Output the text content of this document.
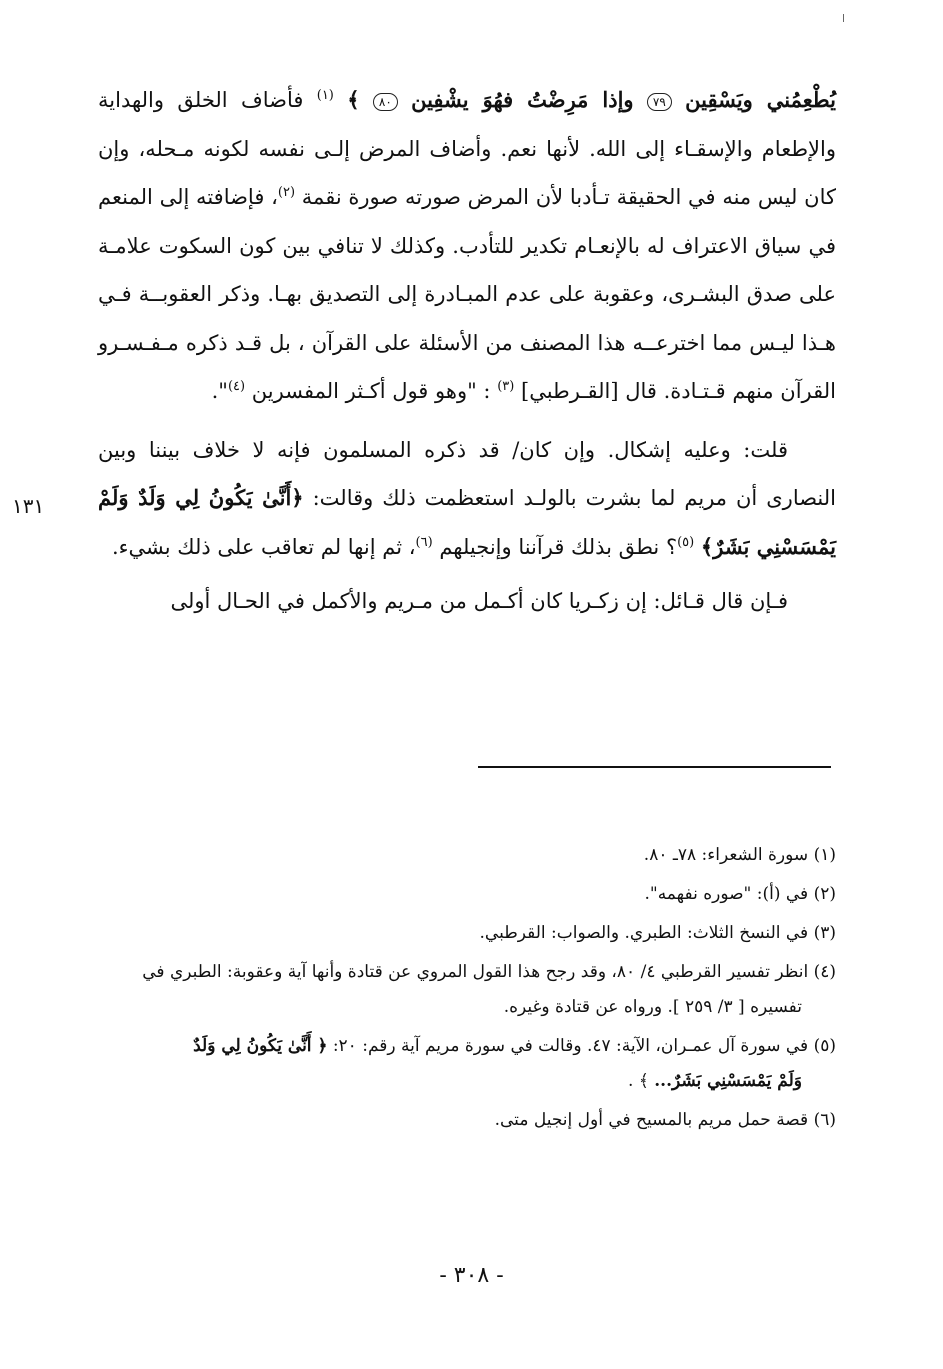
١٣١

يُطْعِمُني ويَسْقِين ٧٩ وإذا مَرِضْتُ فهُوَ يشْفِين ٨٠ ﴾ $^{(١)}$ فأضاف الخلق والهداية والإطعام والإسقـاء إلى الله. لأنها نعم. وأضاف المرض إلـى نفسه لكونه مـحله، وإن كان ليس منه في الحقيقة تـأدبا لأن المرض صورته صورة نقمة $^{(٢)}$، فإضافته إلى المنعم في سياق الاعتراف له بالإنعـام تكدير للتأدب. وكذلك لا تنافي بين كون السكوت علامـة على صدق البشـرى، وعقوبة على عدم المبـادرة إلى التصديق بهـا. وذكر العقوبــة فـي هـذا ليـس مما اخترعــه هذا المصنف من الأسئلة على القرآن ، بل قـد ذكره مـفـسـرو القرآن منهم قـتـادة. قال [القـرطبي] $^{(٣)}$ : "وهو قول أكـثر المفسرين $^{(٤)}$".

قلت: وعليه إشكال. وإن كان/ قد ذكره المسلمون فإنه لا خلاف بيننا وبين النصارى أن مريم لما بشرت بالولـد استعظمت ذلك وقالت: ﴿أَنَّىٰ يَكُونُ لِي وَلَدٌ وَلَمْ يَمْسَسْنِي بَشَرٌ﴾ $^{(٥)}$؟ نطق بذلك قرآننا وإنجيلهم $^{(٦)}$، ثم إنها لم تعاقب على ذلك بشيء.

فـإن قال قـائل: إن زكـريا كان أكـمل من مـريم والأكمل في الحـال أولى

(١) سورة الشعراء: ٧٨ـ ٨٠.

(٢) في (أ): "صوره نفهمه".

(٣) في النسخ الثلاث: الطبري. والصواب: القرطبي.

(٤) انظر تفسير القرطبي ٤/ ٨٠، وقد رجح هذا القول المروي عن قتادة وأنها آية وعقوبة: الطبري في

تفسيره [ ٣/ ٢٥٩ ]. ورواه عن قتادة وغيره.

(٥) في سورة آل عمـران، الآية: ٤٧. وقالت في سورة مريم آية رقم: ٢٠: ﴿ أَنَّىٰ يَكُونُ لِي وَلَدٌ

وَلَمْ يَمْسَسْنِي بَشَرٌ... ﴾ .

(٦) قصة حمل مريم بالمسيح في أول إنجيل متى.

- ٣٠٨ -
